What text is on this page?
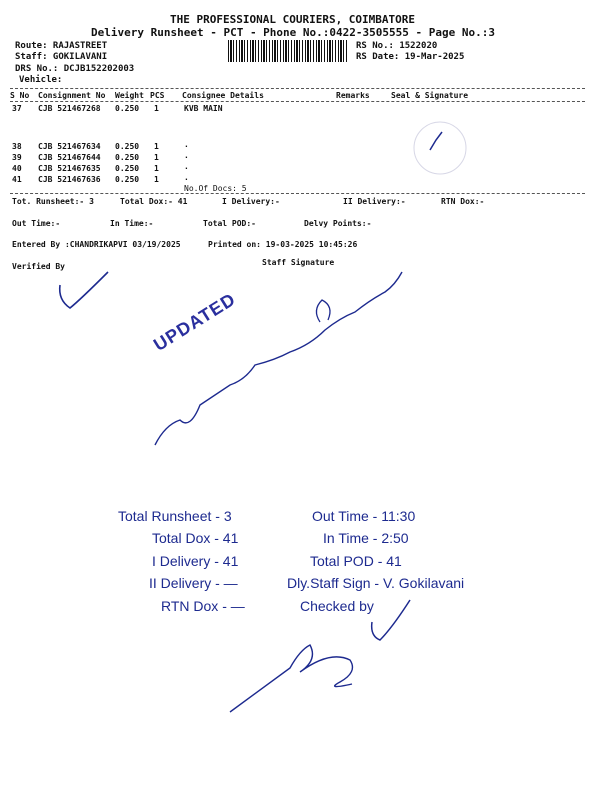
THE PROFESSIONAL COURIERS, COIMBATORE
Delivery Runsheet - PCT - Phone No.:0422-3505555 - Page No.:3
Route: RAJASTREET
Staff: GOKILAVANI
DRS No.: DCJB152202003
Vehicle:
RS No.: 1522020
RS Date: 19-Mar-2025
S No Consignment No Weight PCS Consignee Details	Remarks	Seal & Signature
37 CJB 521467268 0.250 1	KVB MAIN
38 CJB 521467634 0.250 1	.
39 CJB 521467644 0.250 1	.
40 CJB 521467635 0.250 1	.
41 CJB 521467636 0.250 1	.
No.Of Docs: 5
Tot. Runsheet:- 3	Total Dox:- 41	I Delivery:-	II Delivery:-	RTN Dox:-
Out Time:-	In Time:-	Total POD:-	Delvy Points:-
Entered By :CHANDRIKAPVI 03/19/2025	Printed on: 19-03-2025 10:45:26
Verified By	Staff Signature
UPDATED
Total Runsheet - 3
Total Dox - 41
I Delivery - 41
II Delivery - —
RTN Dox - —
Out Time - 11:30
In Time - 2:50
Total POD - 41
Dly.Staff Sign - V. Gokilavani
Checked by
